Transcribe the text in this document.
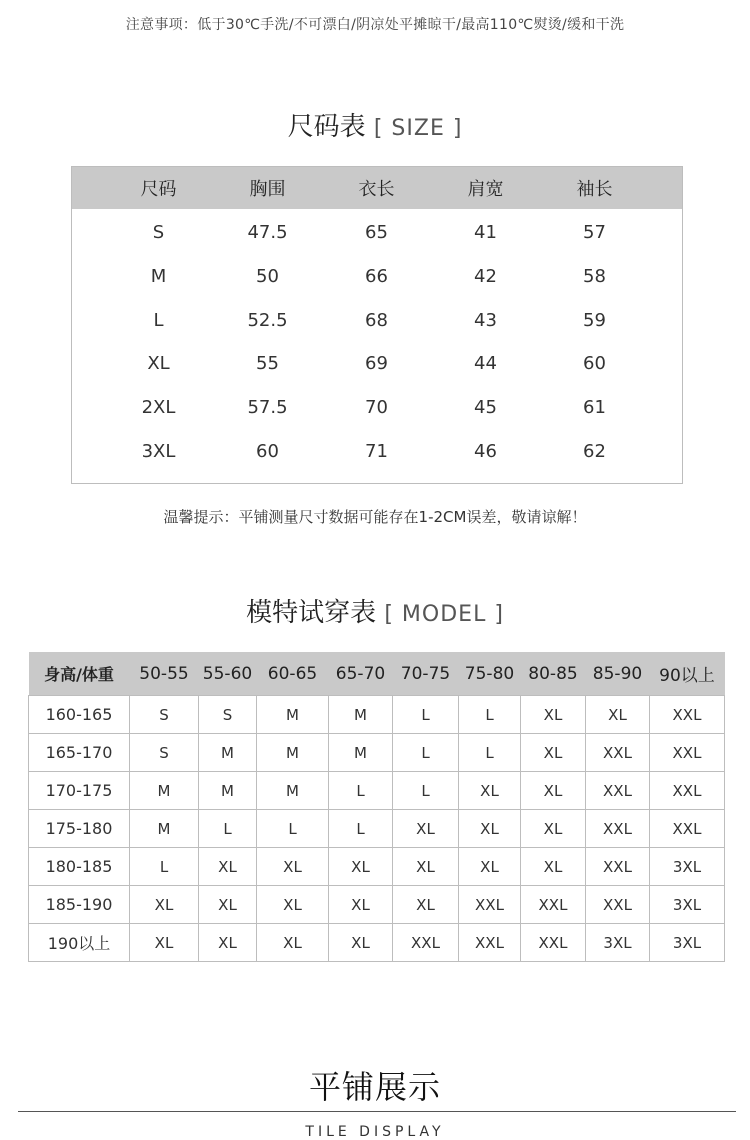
注意事项：低于30℃手洗/不可漂白/阴凉处平摊晾干/最高110℃熨烫/缓和干洗
尺码表 [ SIZE ]
尺码	胸围	衣长	肩宽	袖长
S	47.5	65	41	57
M	50	66	42	58
L	52.5	68	43	59
XL	55	69	44	60
2XL	57.5	70	45	61
3XL	60	71	46	62
温馨提示：平铺测量尺寸数据可能存在1-2CM误差，敬请谅解！
模特试穿表 [ MODEL ]
身高/体重	50-55	55-60	60-65	65-70	70-75	75-80	80-85	85-90	90以上
160-165	S	S	M	M	L	L	XL	XL	XXL
165-170	S	M	M	M	L	L	XL	XXL	XXL
170-175	M	M	M	L	L	XL	XL	XXL	XXL
175-180	M	L	L	L	XL	XL	XL	XXL	XXL
180-185	L	XL	XL	XL	XL	XL	XL	XXL	3XL
185-190	XL	XL	XL	XL	XL	XXL	XXL	XXL	3XL
190以上	XL	XL	XL	XL	XXL	XXL	XXL	3XL	3XL
平铺展示
TILE DISPLAY
